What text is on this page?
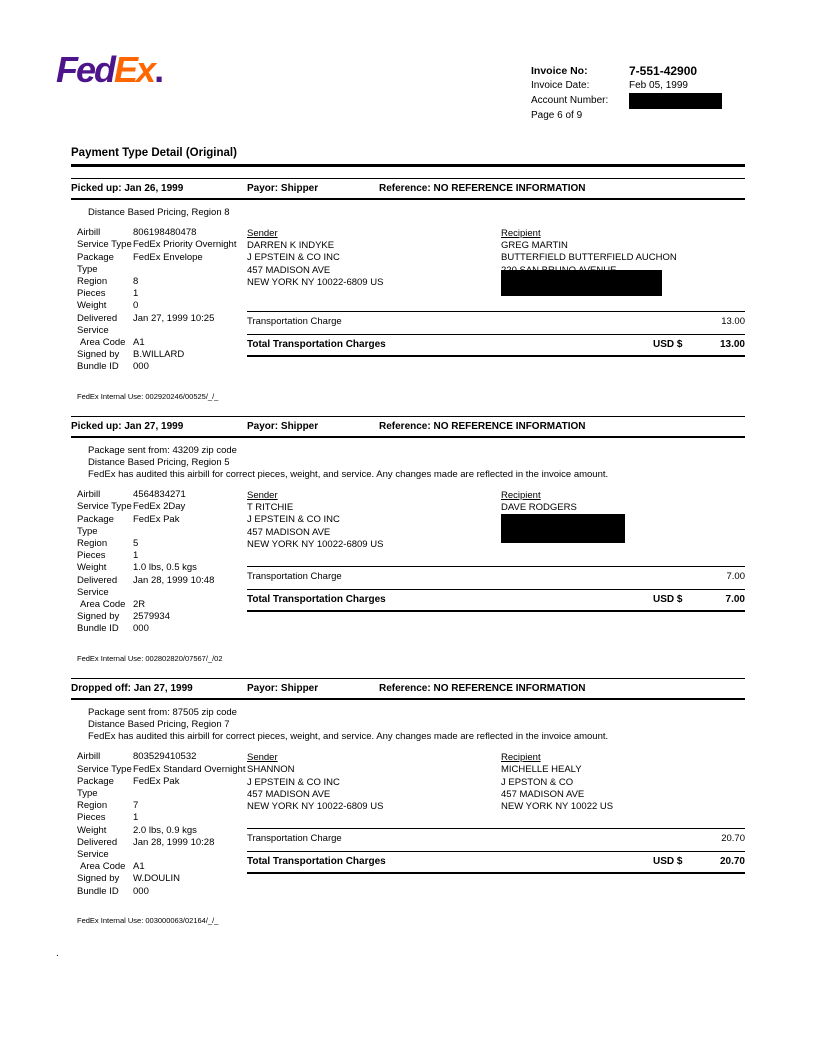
FedEx.	Invoice No:	7-551-42900
Invoice Date:	Feb 05, 1999
Account Number:
Page 6 of 9
Payment Type Detail (Original)
Picked up: Jan 26, 1999	Payor: Shipper	Reference: NO REFERENCE INFORMATION
Distance Based Pricing, Region 8
Airbill	806198480478
Service Type FedEx Priority Overnight
Package Type
FedEx Envelope
Region	8
Pieces	1
Weight	0
Delivered	Jan 27, 1999 10:25
Service
Area Code A1
Signed by	B.WILLARD
Bundle ID	000
Sender
DARREN K INDYKE
J EPSTEIN & CO INC
457 MADISON AVE
NEW YORK NY 10022-6809 US
Recipient
GREG MARTIN
BUTTERFIELD BUTTERFIELD AUCHON
220 SAN BRUNO AVENUE
Transportation Charge	13.00
Total Transportation Charges	USD $	13.00
FedEx Internal Use: 002920246/00525/_/_
Picked up: Jan 27, 1999	Payor: Shipper	Reference: NO REFERENCE INFORMATION
Package sent from: 43209 zip code
Distance Based Pricing, Region 5
FedEx has audited this airbill for correct pieces, weight, and service. Any changes made are reflected in the invoice amount.
Airbill	4564834271
Service Type FedEx 2Day
Package Type
FedEx Pak
Region	5
Pieces	1
Weight	1.0 lbs, 0.5 kgs
Delivered	Jan 28, 1999 10:48
Service
Area Code 2R
Signed by	2579934
Bundle ID	000
Sender
T RITCHIE
J EPSTEIN & CO INC
457 MADISON AVE
NEW YORK NY 10022-6809 US
Recipient
DAVE RODGERS
Transportation Charge	7.00
Total Transportation Charges	USD $	7.00
FedEx Internal Use: 002802820/07567/_/02
Dropped off: Jan 27, 1999	Payor: Shipper	Reference: NO REFERENCE INFORMATION
Package sent from: 87505 zip code
Distance Based Pricing, Region 7
FedEx has audited this airbill for correct pieces, weight, and service. Any changes made are reflected in the invoice amount.
Airbill	803529410532
Service Type FedEx Standard Overnight
Package Type
FedEx Pak
Region	7
Pieces	1
Weight	2.0 lbs, 0.9 kgs
Delivered	Jan 28, 1999 10:28
Service
Area Code A1
Signed by	W.DOULIN
Bundle ID	000
Sender
SHANNON
J EPSTEIN & CO INC
457 MADISON AVE
NEW YORK NY 10022-6809 US
Recipient
MICHELLE HEALY
J EPSTON & CO
457 MADISON AVE
NEW YORK NY 10022 US
Transportation Charge	20.70
Total Transportation Charges	USD $	20.70
FedEx Internal Use: 003000063/02164/_/_
.
